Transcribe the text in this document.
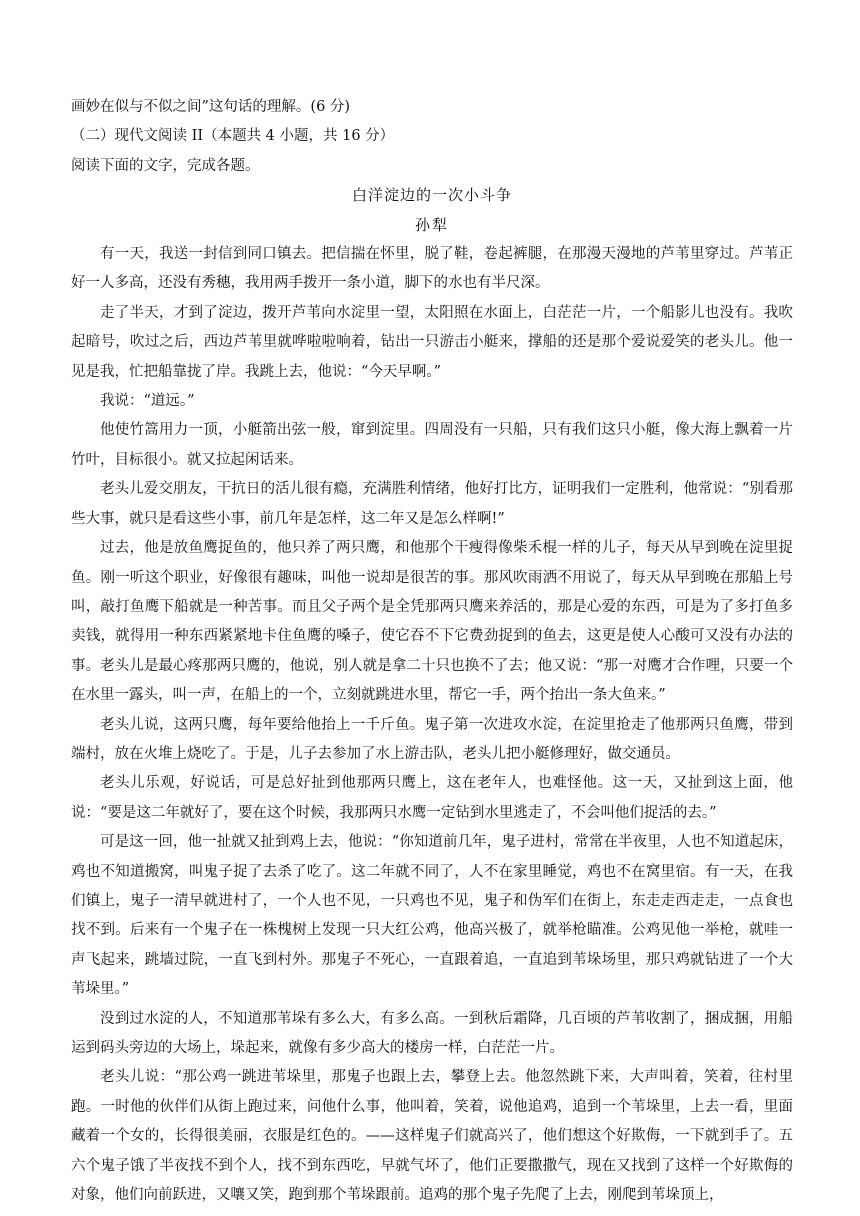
画妙在似与不似之间”这句话的理解。(6 分)

（二）现代文阅读 II（本题共 4 小题，共 16 分）

阅读下面的文字，完成各题。

白洋淀边的一次小斗争

孙犁

有一天，我送一封信到同口镇去。把信揣在怀里，脱了鞋，卷起裤腿，在那漫天漫地的芦苇里穿过。芦苇正好一人多高，还没有秀穗，我用两手拨开一条小道，脚下的水也有半尺深。

走了半天，才到了淀边，拨开芦苇向水淀里一望，太阳照在水面上，白茫茫一片，一个船影儿也没有。我吹起暗号，吹过之后，西边芦苇里就哗啦啦响着，钻出一只游击小艇来，撑船的还是那个爱说爱笑的老头儿。他一见是我，忙把船靠拢了岸。我跳上去，他说：“今天早啊。”

我说：“道远。”

他使竹篙用力一顶，小艇箭出弦一般，窜到淀里。四周没有一只船，只有我们这只小艇，像大海上飘着一片竹叶，目标很小。就又拉起闲话来。

老头儿爱交朋友，干抗日的活儿很有瘾，充满胜利情绪，他好打比方，证明我们一定胜利，他常说：“别看那些大事，就只是看这些小事，前几年是怎样，这二年又是怎么样啊!”

过去，他是放鱼鹰捉鱼的，他只养了两只鹰，和他那个干瘦得像柴禾棍一样的儿子，每天从早到晚在淀里捉鱼。刚一听这个职业，好像很有趣味，叫他一说却是很苦的事。那风吹雨洒不用说了，每天从早到晚在那船上号叫，敲打鱼鹰下船就是一种苦事。而且父子两个是全凭那两只鹰来养活的，那是心爱的东西，可是为了多打鱼多卖钱，就得用一种东西紧紧地卡住鱼鹰的嗓子，使它吞不下它费劲捉到的鱼去，这更是使人心酸可又没有办法的事。老头儿是最心疼那两只鹰的，他说，别人就是拿二十只也换不了去；他又说：“那一对鹰才合作哩，只要一个在水里一露头，叫一声，在船上的一个，立刻就跳进水里，帮它一手，两个抬出一条大鱼来。”

老头儿说，这两只鹰，每年要给他抬上一千斤鱼。鬼子第一次进攻水淀，在淀里抢走了他那两只鱼鹰，带到端村，放在火堆上烧吃了。于是，儿子去参加了水上游击队，老头儿把小艇修理好，做交通员。

老头儿乐观，好说话，可是总好扯到他那两只鹰上，这在老年人，也难怪他。这一天，又扯到这上面，他说：“要是这二年就好了，要在这个时候，我那两只水鹰一定钻到水里逃走了，不会叫他们捉活的去。”

可是这一回，他一扯就又扯到鸡上去，他说：“你知道前几年，鬼子进村，常常在半夜里，人也不知道起床，鸡也不知道搬窝，叫鬼子捉了去杀了吃了。这二年就不同了，人不在家里睡觉，鸡也不在窝里宿。有一天，在我们镇上，鬼子一清早就进村了，一个人也不见，一只鸡也不见，鬼子和伪军们在街上，东走走西走走，一点食也找不到。后来有一个鬼子在一株槐树上发现一只大红公鸡，他高兴极了，就举枪瞄准。公鸡见他一举枪，就哇一声飞起来，跳墙过院，一直飞到村外。那鬼子不死心，一直跟着追，一直追到苇垛场里，那只鸡就钻进了一个大苇垛里。”

没到过水淀的人，不知道那苇垛有多么大，有多么高。一到秋后霜降，几百顷的芦苇收割了，捆成捆，用船运到码头旁边的大场上，垛起来，就像有多少高大的楼房一样，白茫茫一片。

老头儿说：“那公鸡一跳进苇垛里，那鬼子也跟上去，攀登上去。他忽然跳下来，大声叫着，笑着，往村里跑。一时他的伙伴们从街上跑过来，问他什么事，他叫着，笑着，说他追鸡，追到一个苇垛里，上去一看，里面藏着一个女的，长得很美丽，衣服是红色的。——这样鬼子们就高兴了，他们想这个好欺侮，一下就到手了。五六个鬼子饿了半夜找不到个人，找不到东西吃，早就气坏了，他们正要撒撒气，现在又找到了这样一个好欺侮的对象，他们向前跃进，又嚷又笑，跑到那个苇垛跟前。追鸡的那个鬼子先爬了上去，刚爬到苇垛顶上，
